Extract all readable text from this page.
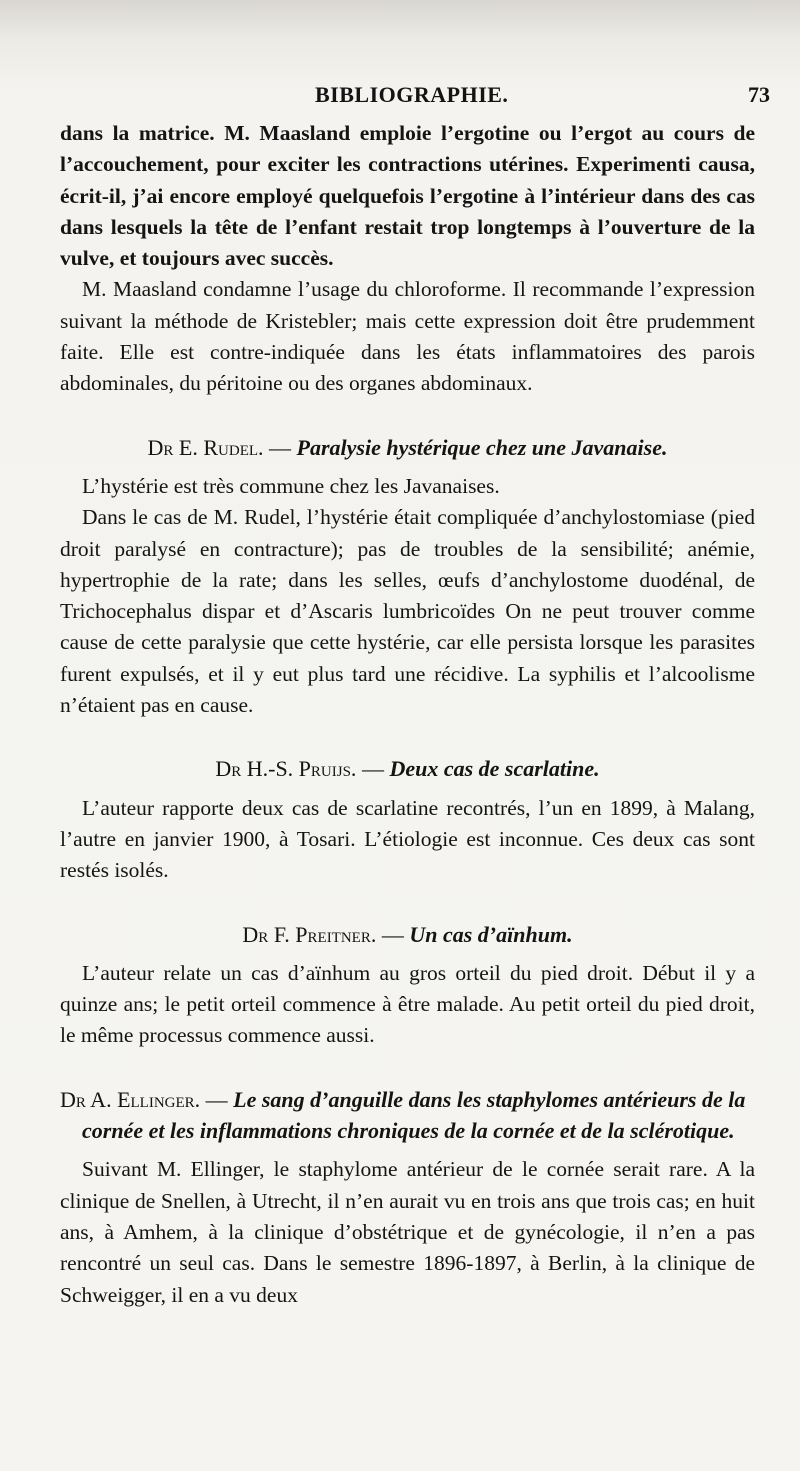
BIBLIOGRAPHIE.	73

dans la matrice. M. Maasland emploie l’ergotine ou l’ergot au cours de l’accouchement, pour exciter les contractions utérines. Experimenti causa, écrit-il, j’ai encore employé quelquefois l’ergotine à l’intérieur dans des cas dans lesquels la tête de l’enfant restait trop longtemps à l’ouverture de la vulve, et toujours avec succès.

M. Maasland condamne l’usage du chloroforme. Il recommande l’expression suivant la méthode de Kristebler; mais cette expression doit être prudemment faite. Elle est contre-indiquée dans les états inflammatoires des parois abdominales, du péritoine ou des organes abdominaux.

Dr E. Rudel. — Paralysie hystérique chez une Javanaise.

L’hystérie est très commune chez les Javanaises.

Dans le cas de M. Rudel, l’hystérie était compliquée d’anchylostomiase (pied droit paralysé en contracture); pas de troubles de la sensibilité; anémie, hypertrophie de la rate; dans les selles, œufs d’anchylostome duodénal, de Trichocephalus dispar et d’Ascaris lumbricoïdes On ne peut trouver comme cause de cette paralysie que cette hystérie, car elle persista lorsque les parasites furent expulsés, et il y eut plus tard une récidive. La syphilis et l’alcoolisme n’étaient pas en cause.

Dr H.-S. Pruijs. — Deux cas de scarlatine.

L’auteur rapporte deux cas de scarlatine recontrés, l’un en 1899, à Malang, l’autre en janvier 1900, à Tosari. L’étiologie est inconnue. Ces deux cas sont restés isolés.

Dr F. Preitner. — Un cas d’aïnhum.

L’auteur relate un cas d’aïnhum au gros orteil du pied droit. Début il y a quinze ans; le petit orteil commence à être malade. Au petit orteil du pied droit, le même processus commence aussi.

Dr A. Ellinger. — Le sang d’anguille dans les staphylomes antérieurs de la cornée et les inflammations chroniques de la cornée et de la sclérotique.

Suivant M. Ellinger, le staphylome antérieur de le cornée serait rare. A la clinique de Snellen, à Utrecht, il n’en aurait vu en trois ans que trois cas; en huit ans, à Amhem, à la clinique d’obstétrique et de gynécologie, il n’en a pas rencontré un seul cas. Dans le semestre 1896-1897, à Berlin, à la clinique de Schweigger, il en a vu deux
